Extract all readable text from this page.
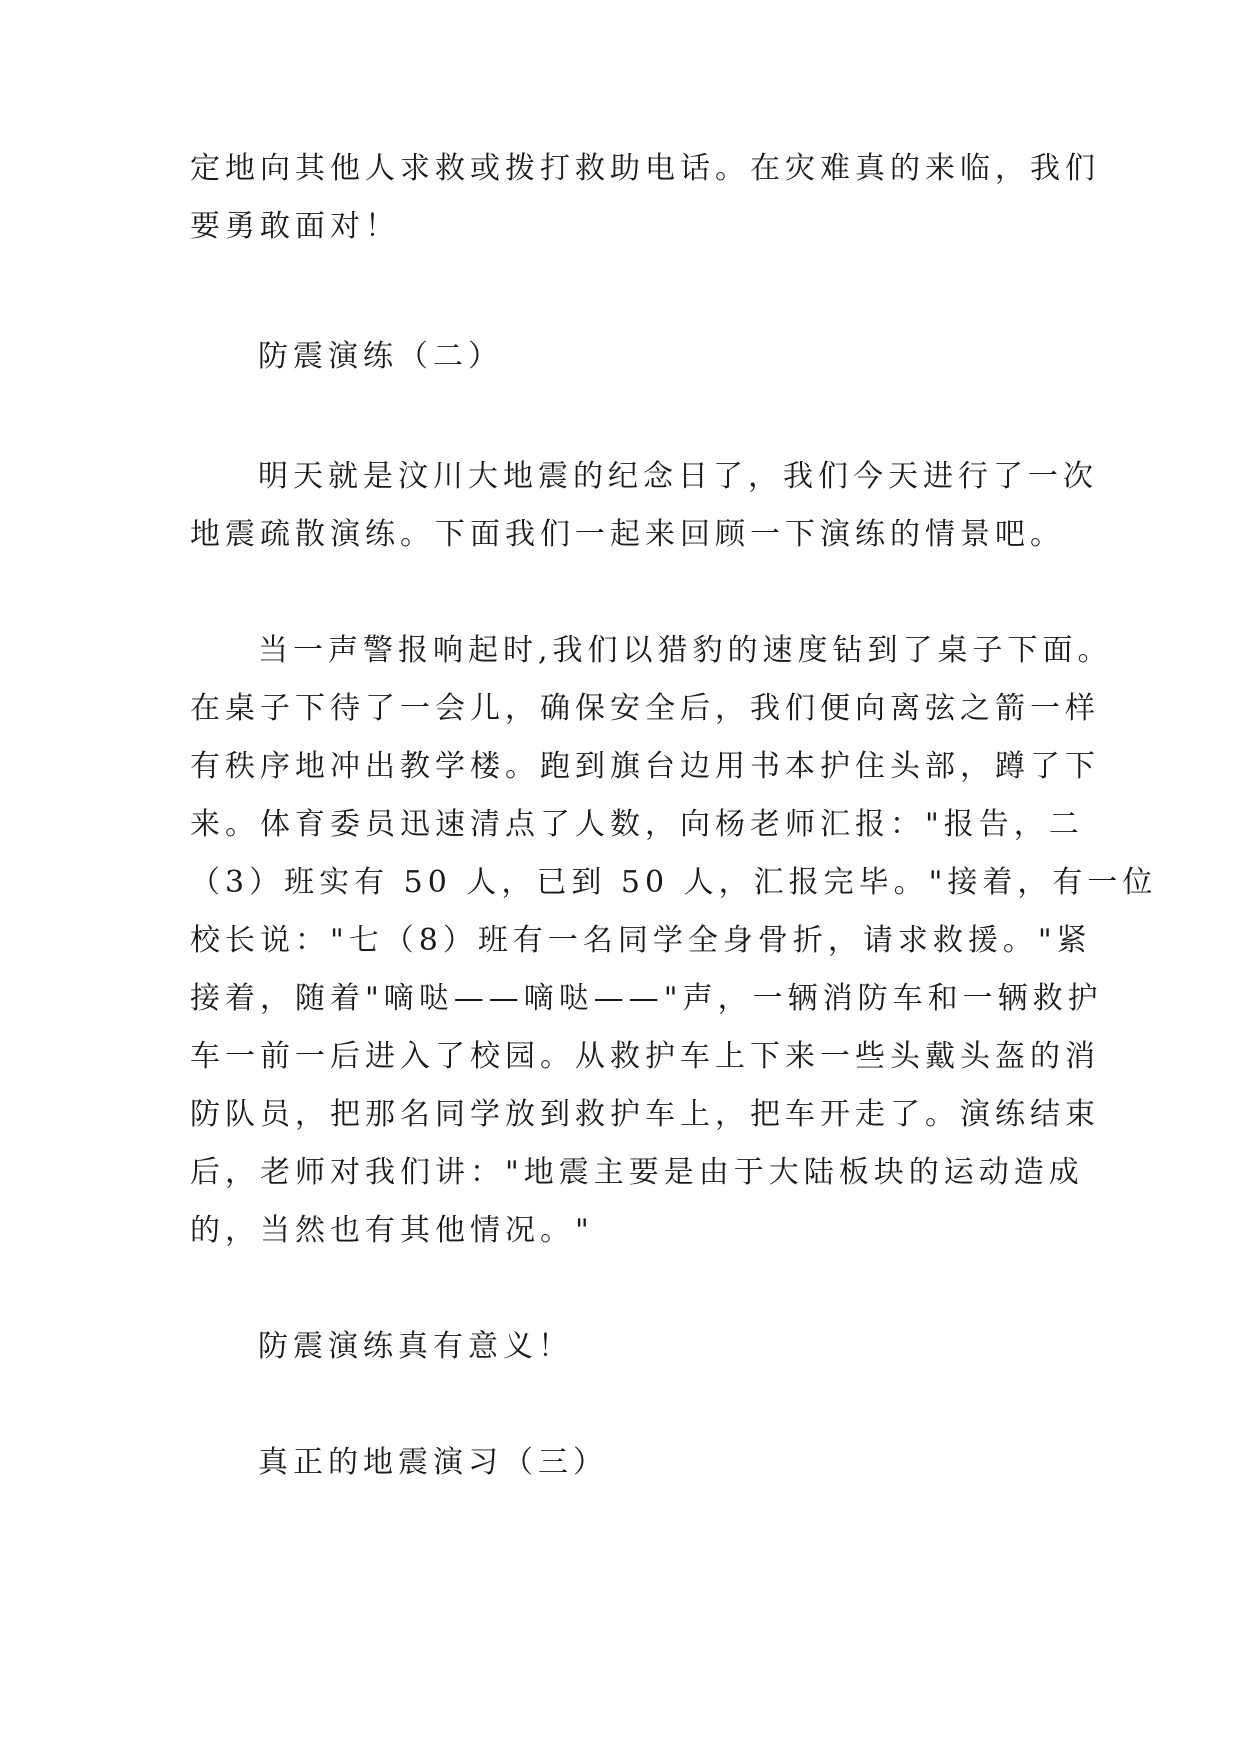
定地向其他人求救或拨打救助电话。在灾难真的来临，我们
要勇敢面对！
防震演练（二）
明天就是汶川大地震的纪念日了，我们今天进行了一次
地震疏散演练。下面我们一起来回顾一下演练的情景吧。
当一声警报响起时,我们以猎豹的速度钻到了桌子下面。
在桌子下待了一会儿，确保安全后，我们便向离弦之箭一样
有秩序地冲出教学楼。跑到旗台边用书本护住头部，蹲了下
来。体育委员迅速清点了人数，向杨老师汇报："报告，二
（3）班实有 50 人，已到 50 人，汇报完毕。"接着，有一位
校长说："七（8）班有一名同学全身骨折，请求救援。"紧
接着，随着"嘀哒——嘀哒——"声，一辆消防车和一辆救护
车一前一后进入了校园。从救护车上下来一些头戴头盔的消
防队员，把那名同学放到救护车上，把车开走了。演练结束
后，老师对我们讲："地震主要是由于大陆板块的运动造成
的，当然也有其他情况。"
防震演练真有意义！
真正的地震演习（三）
